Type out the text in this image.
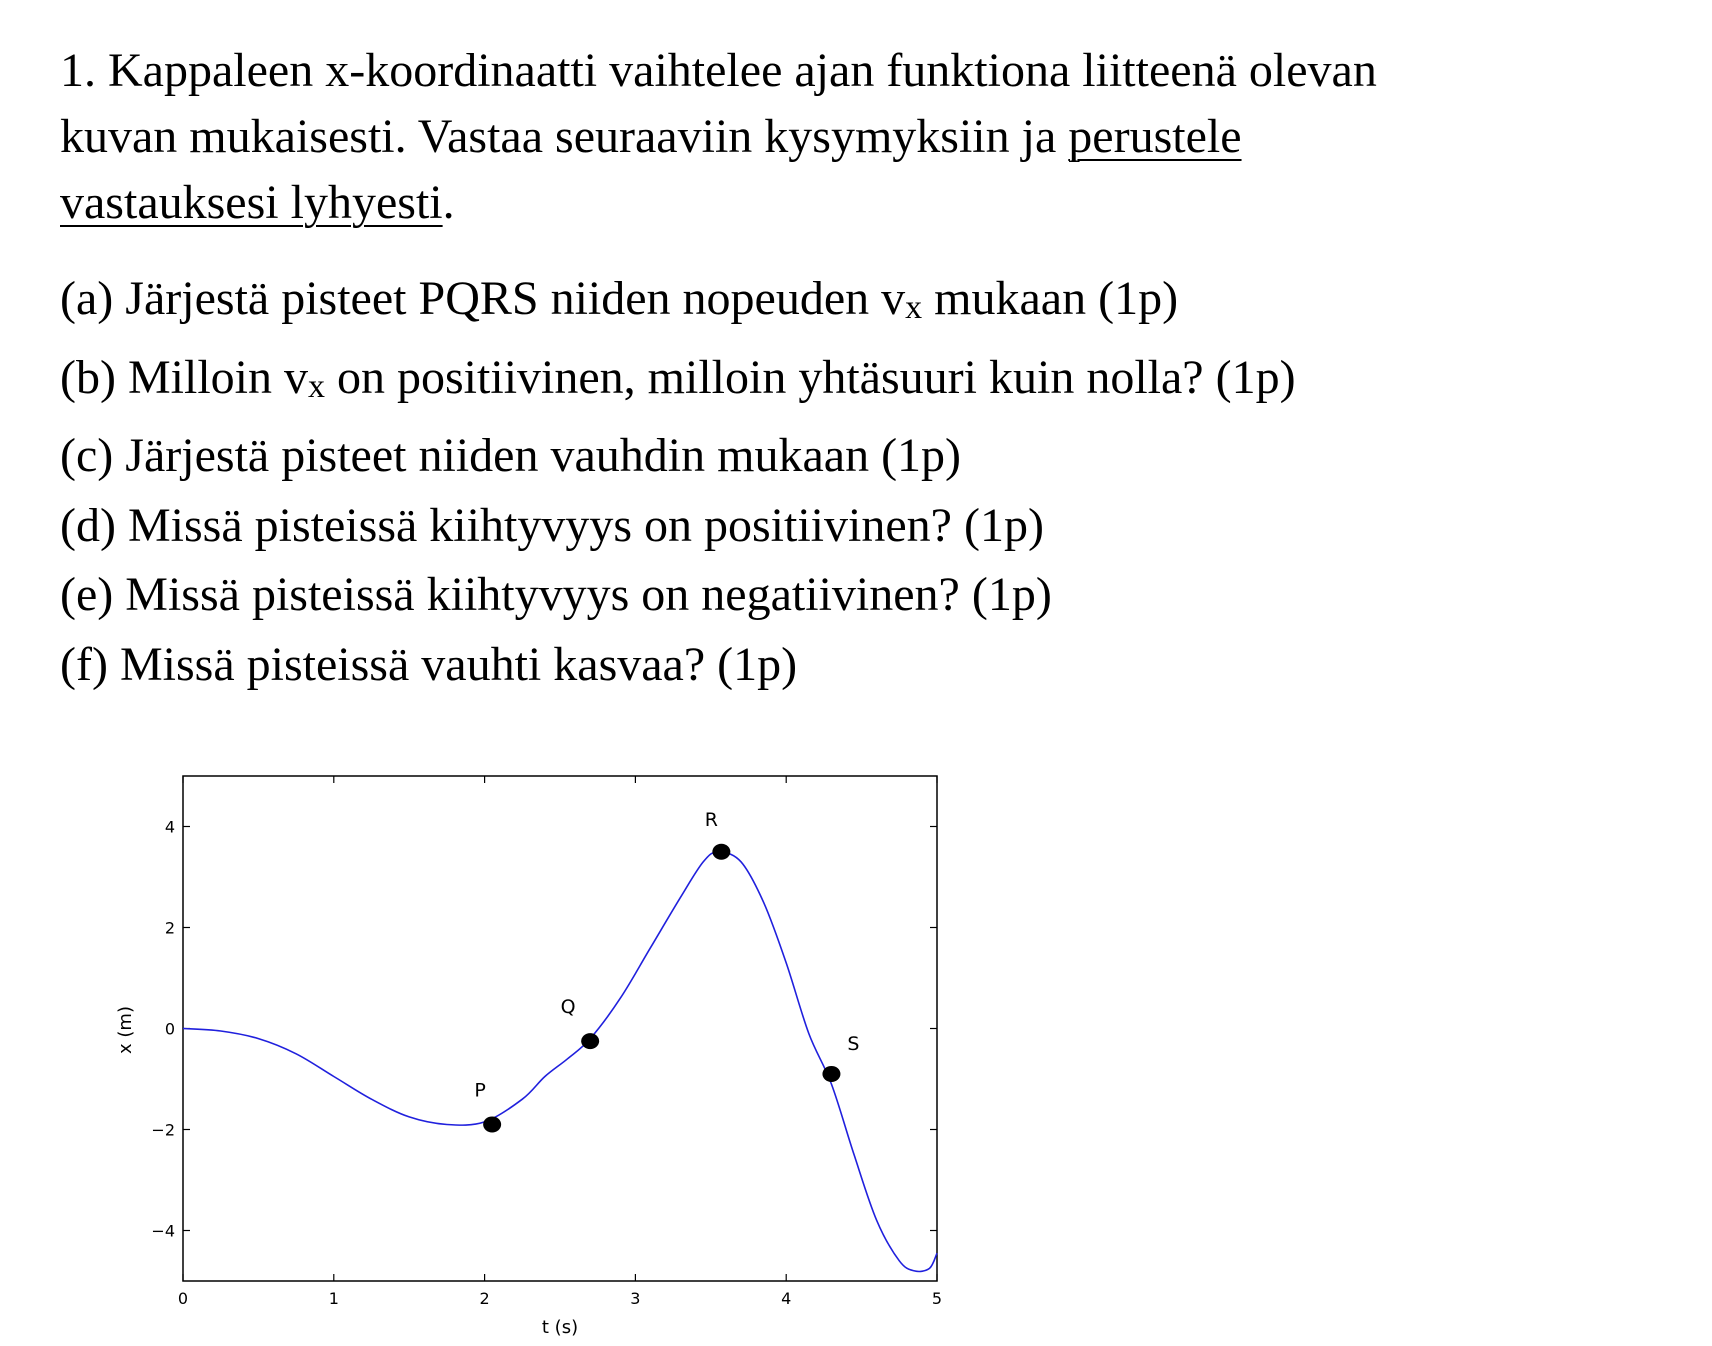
1. Kappaleen x-koordinaatti vaihtelee ajan funktiona liitteenä olevan
kuvan mukaisesti. Vastaa seuraaviin kysymyksiin ja perustele
vastauksesi lyhyesti.

(a) Järjestä pisteet PQRS niiden nopeuden vx mukaan (1p)
(b) Milloin vx on positiivinen, milloin yhtäsuuri kuin nolla? (1p)
(c) Järjestä pisteet niiden vauhdin mukaan (1p)
(d) Missä pisteissä kiihtyvyys on positiivinen? (1p)
(e) Missä pisteissä kiihtyvyys on negatiivinen? (1p)
(f) Missä pisteissä vauhti kasvaa? (1p)
0	1	2	3	4	5
4
2
0
−2
−4
P
Q
R
S
t (s)
x (m)
